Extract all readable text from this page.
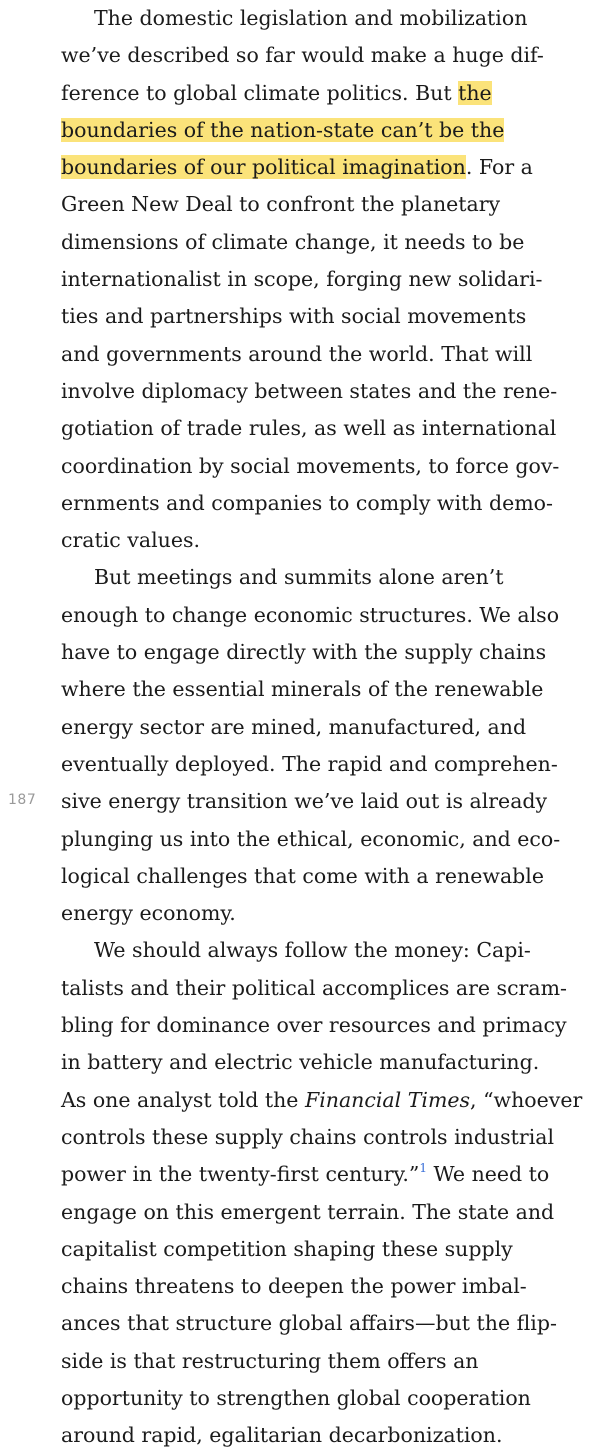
187
The domestic legislation and mobilization
we’ve described so far would make a huge dif-
ference to global climate politics. But the
boundaries of the nation-state can’t be the
boundaries of our political imagination. For a
Green New Deal to confront the planetary
dimensions of climate change, it needs to be
internationalist in scope, forging new solidari-
ties and partnerships with social movements
and governments around the world. That will
involve diplomacy between states and the rene-
gotiation of trade rules, as well as international
coordination by social movements, to force gov-
ernments and companies to comply with demo-
cratic values.
But meetings and summits alone aren’t
enough to change economic structures. We also
have to engage directly with the supply chains
where the essential minerals of the renewable
energy sector are mined, manufactured, and
eventually deployed. The rapid and comprehen-
sive energy transition we’ve laid out is already
plunging us into the ethical, economic, and eco-
logical challenges that come with a renewable
energy economy.
We should always follow the money: Capi-
talists and their political accomplices are scram-
bling for dominance over resources and primacy
in battery and electric vehicle manufacturing.
As one analyst told the Financial Times, “whoever
controls these supply chains controls industrial
power in the twenty-first century.”$^1$ We need to
engage on this emergent terrain. The state and
capitalist competition shaping these supply
chains threatens to deepen the power imbal-
ances that structure global affairs—but the flip-
side is that restructuring them offers an
opportunity to strengthen global cooperation
around rapid, egalitarian decarbonization.
